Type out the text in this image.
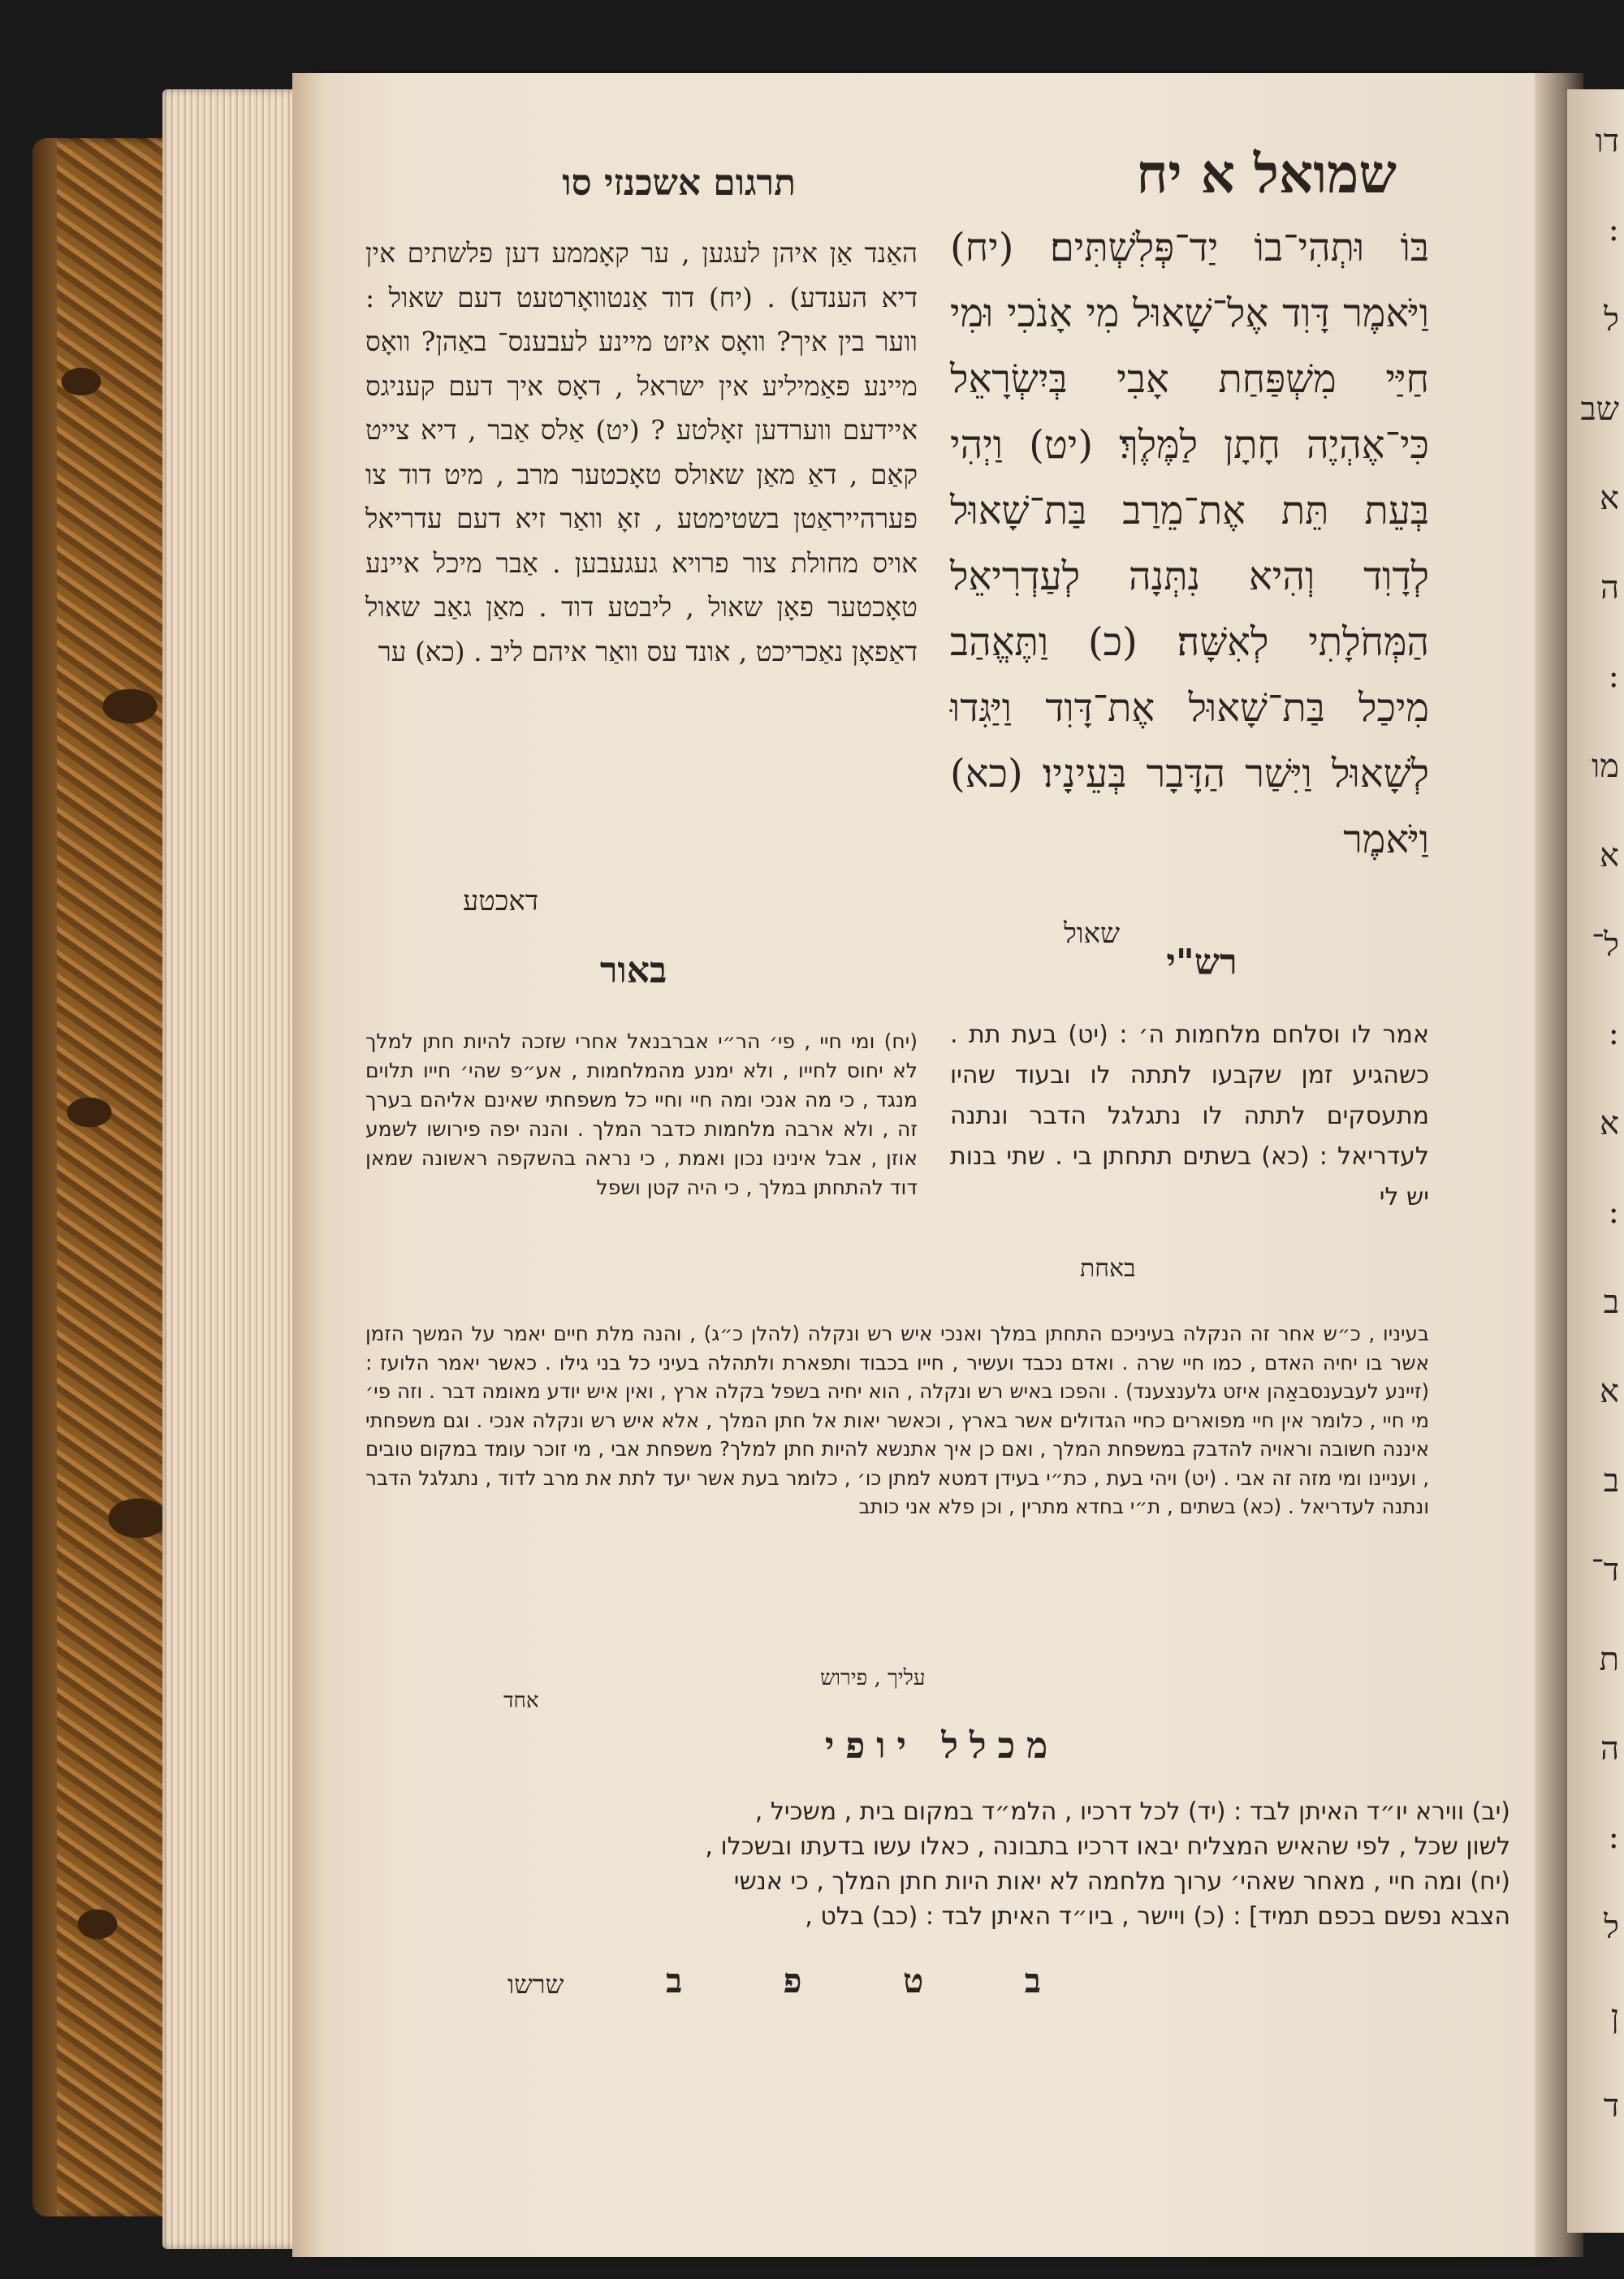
דו
:
ל
שב
א
ה
:
מו
א
ל־
:
א
:
ב
א
ב
ד־
ת
ה
:
ל
ן
ד
שמואל א יח
תרגום אשכנזי סו
בּוֹ וּתְהִי־בוֹ יַד־פְּלִשְׁתִּים׃ (יח) וַיֹּאמֶר דָּוִד אֶל־שָׁאוּל מִי אָנֹכִי וּמִי חַיַּי מִשְׁפַּחַת אָבִי בְּיִשְׂרָאֵל כִּי־אֶהְיֶה חָתָן לַמֶּלֶךְ׃ (יט) וַיְהִי בְּעֵת תֵּת אֶת־מֵרַב בַּת־שָׁאוּל לְדָוִד וְהִיא נִתְּנָה לְעַדְרִיאֵל הַמְּחֹלָתִי לְאִשָּׁה׃ (כ) וַתֶּאֱהַב מִיכַל בַּת־שָׁאוּל אֶת־דָּוִד וַיַּגִּדוּ לְשָׁאוּל וַיִּשַׁר הַדָּבָר בְּעֵינָיו׃ (כא) וַיֹּאמֶר
שאול
האַנד אַן איהן לעגען , ער קאָממע דען פלשתים אין דיא הענדע) . (יח) דוד אַנטוואָרטעט דעם שאול : ווער בין איך? וואָס איזט מיינע לעבענס־ באַהן? וואָס מיינע פאַמיליע אין ישראל , דאָס איך דעם קעניגס איידעם ווערדען זאָלטע ? (יט) אַלס אַבר , דיא צייט קאַם , דאַ מאַן שאולס טאָכטער מרב , מיט דוד צו פערהייראַטן בשטימטע , זאָ וואַר זיא דעם עדריאל אויס מחולת צור פרויא געגעבען . אַבר מיכל איינע טאָכטער פאָן שאול , ליבטע דוד . מאַן גאַב שאול דאַפאָן נאַכריכט , אונד עס וואַר איהם ליב . (כא) ער
דאכטע
רש"י
באור
אמר לו וסלחם מלחמות ה׳ : (יט) בעת תת . כשהגיע זמן שקבעו לתתה לו ובעוד שהיו מתעסקים לתתה לו נתגלגל הדבר ונתנה לעדריאל : (כא) בשתים תתחתן בי . שתי בנות יש לי
באחת
(יח) ומי חיי , פי׳ הר״י אברבנאל אחרי שזכה להיות חתן למלך לא יחוס לחייו , ולא ימנע מהמלחמות , אע״פ שהי׳ חייו תלוים מנגד , כי מה אנכי ומה חיי וחיי כל משפחתי שאינם אליהם בערך זה , ולא ארבה מלחמות כדבר המלך . והנה יפה פירושו לשמע אוזן , אבל אינינו נכון ואמת , כי נראה בהשקפה ראשונה שמאן דוד להתחתן במלך , כי היה קטן ושפל
בעיניו , כ״ש אחר זה הנקלה בעיניכם התחתן במלך ואנכי איש רש ונקלה (להלן כ״ג) , והנה מלת חיים יאמר על המשך הזמן אשר בו יחיה האדם , כמו חיי שרה . ואדם נכבד ועשיר , חייו בכבוד ותפארת ולתהלה בעיני כל בני גילו . כאשר יאמר הלועז : (זיינע לעבענסבאַהן איזט גלענצענד) . והפכו באיש רש ונקלה , הוא יחיה בשפל בקלה ארץ , ואין איש יודע מאומה דבר . וזה פי׳ מי חיי , כלומר אין חיי מפוארים כחיי הגדולים אשר בארץ , וכאשר יאות אל חתן המלך , אלא איש רש ונקלה אנכי . וגם משפחתי איננה חשובה וראויה להדבק במשפחת המלך , ואם כן איך אתנשא להיות חתן למלך? משפחת אבי , מי זוכר עומד במקום טובים , ועניינו ומי מזה זה אבי . (יט) ויהי בעת , כת״י בעידן דמטא למתן כו׳ , כלומר בעת אשר יעד לתת את מרב לדוד , נתגלגל הדבר ונתנה לעדריאל . (כא) בשתים , ת״י בחדא מתרין , וכן פלא אני כותב
אחד
עליך , פירוש
מכלל יופי
(יב) ווירא יו״ד האיתן לבד : (יד) לכל דרכיו , הלמ״ד במקום בית , משכיל ,
לשון שכל , לפי שהאיש המצליח יבאו דרכיו בתבונה , כאלו עשו בדעתו ובשכלו ,
(יח) ומה חיי , מאחר שאהי׳ ערוך מלחמה לא יאות היות חתן המלך , כי אנשי
הצבא נפשם בכפם תמיד] : (כ) ויישר , ביו״ד האיתן לבד : (כב) בלט ,
ב ט פ ב
שרשו
